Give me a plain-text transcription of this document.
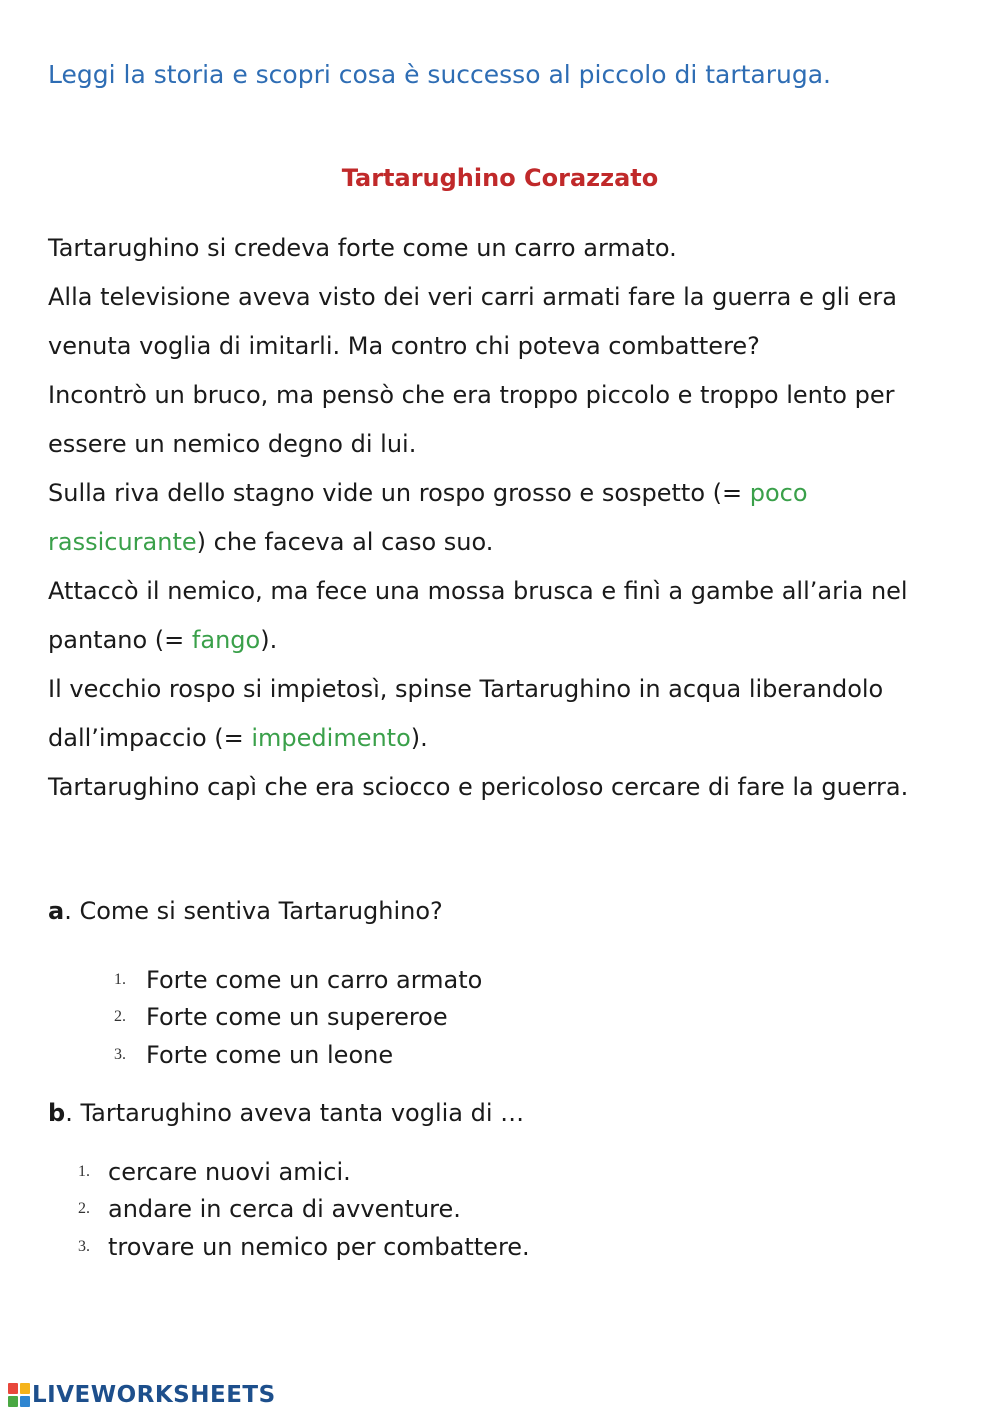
Leggi la storia e scopri cosa è successo al piccolo di tartaruga.

Tartarughino Corazzato

Tartarughino si credeva forte come un carro armato.

Alla televisione aveva visto dei veri carri armati fare la guerra e gli era venuta voglia di imitarli. Ma contro chi poteva combattere?

Incontrò un bruco, ma pensò che era troppo piccolo e troppo lento per essere un nemico degno di lui.

Sulla riva dello stagno vide un rospo grosso e sospetto (= poco rassicurante) che faceva al caso suo.

Attaccò il nemico, ma fece una mossa brusca e finì a gambe all’aria nel pantano (= fango).

Il vecchio rospo si impietosì, spinse Tartarughino in acqua liberandolo dall’impaccio (= impedimento).

Tartarughino capì che era sciocco e pericoloso cercare di fare la guerra.

a. Come si sentiva Tartarughino?

1. Forte come un carro armato
2. Forte come un supereroe
3. Forte come un leone

b. Tartarughino aveva tanta voglia di …

1. cercare nuovi amici.
2. andare in cerca di avventure.
3. trovare un nemico per combattere.
LIVEWORKSHEETS
